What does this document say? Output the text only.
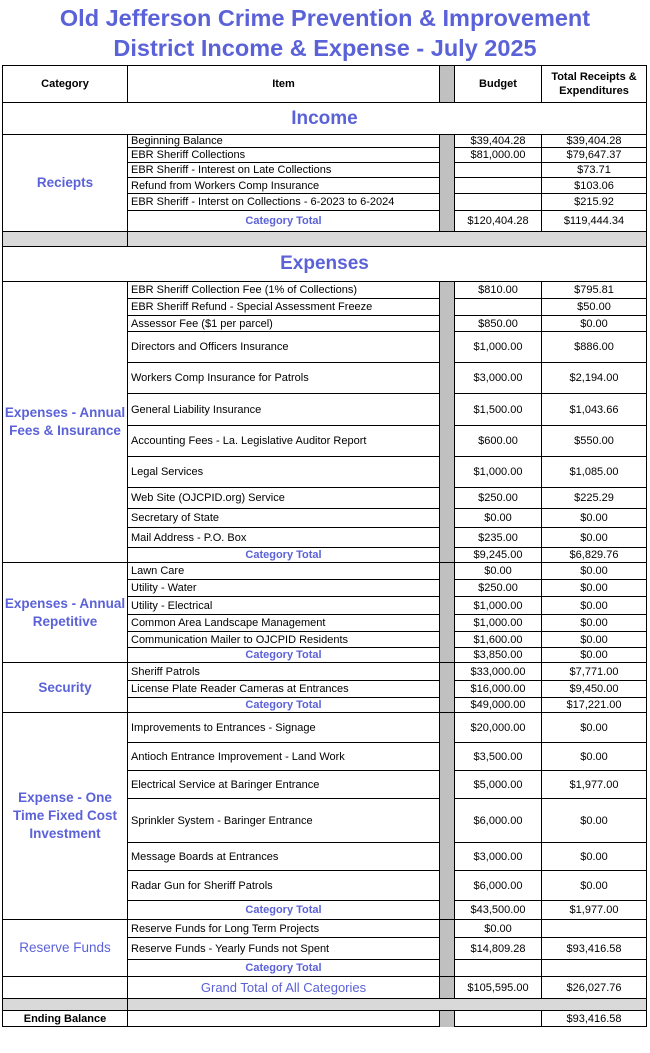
Old Jefferson Crime Prevention & Improvement
District Income & Expense - July 2025
Category	Item		Budget	Total Receipts & Expenditures
Income				
Reciepts	Beginning Balance		$39,404.28	$39,404.28
	EBR Sheriff Collections		$81,000.00	$79,647.37
	EBR Sheriff - Interest on Late Collections			$73.71
	Refund from Workers Comp Insurance			$103.06
	EBR Sheriff - Interst on Collections - 6-2023 to 6-2024			$215.92
	Category Total		$120,404.28	$119,444.34

Expenses				
Expenses - Annual Fees & Insurance	EBR Sheriff Collection Fee (1% of Collections)		$810.00	$795.81
	EBR Sheriff Refund - Special Assessment Freeze			$50.00
	Assessor Fee ($1 per parcel)		$850.00	$0.00
	Directors and Officers Insurance		$1,000.00	$886.00
	Workers Comp Insurance for Patrols		$3,000.00	$2,194.00
	General Liability Insurance		$1,500.00	$1,043.66
	Accounting Fees - La. Legislative Auditor Report		$600.00	$550.00
	Legal Services		$1,000.00	$1,085.00
	Web Site (OJCPID.org) Service		$250.00	$225.29
	Secretary of State		$0.00	$0.00
	Mail Address - P.O. Box		$235.00	$0.00
	Category Total		$9,245.00	$6,829.76
Expenses - Annual Repetitive	Lawn Care		$0.00	$0.00
	Utility - Water		$250.00	$0.00
	Utility - Electrical		$1,000.00	$0.00
	Common Area Landscape Management		$1,000.00	$0.00
	Communication Mailer to OJCPID Residents		$1,600.00	$0.00
	Category Total		$3,850.00	$0.00
Security	Sheriff Patrols		$33,000.00	$7,771.00
	License Plate Reader Cameras at Entrances		$16,000.00	$9,450.00
	Category Total		$49,000.00	$17,221.00
Expense - One Time Fixed Cost Investment	Improvements to Entrances - Signage		$20,000.00	$0.00
	Antioch Entrance Improvement - Land Work		$3,500.00	$0.00
	Electrical Service at Baringer Entrance		$5,000.00	$1,977.00
	Sprinkler System - Baringer Entrance		$6,000.00	$0.00
	Message Boards at Entrances		$3,000.00	$0.00
	Radar Gun for Sheriff Patrols		$6,000.00	$0.00
	Category Total		$43,500.00	$1,977.00
Reserve Funds	Reserve Funds for Long Term Projects		$0.00	
	Reserve Funds - Yearly Funds not Spent		$14,809.28	$93,416.58
	Category Total			
	Grand Total of All Categories		$105,595.00	$26,027.76

Ending Balance				$93,416.58
